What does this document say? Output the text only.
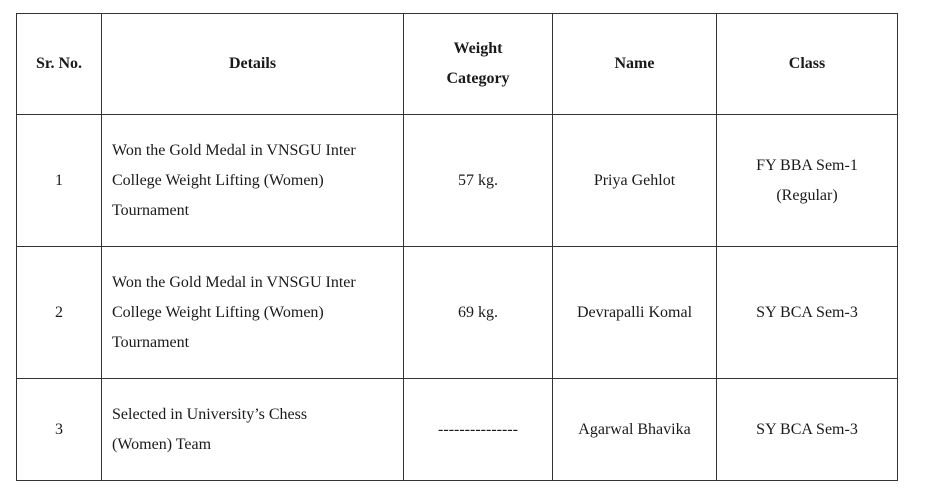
Sr. No.	Details	Weight Category	Name	Class
1	Won the Gold Medal in VNSGU Inter College Weight Lifting (Women) Tournament	57 kg.	Priya Gehlot	FY BBA Sem-1 (Regular)
2	Won the Gold Medal in VNSGU Inter College Weight Lifting (Women) Tournament	69 kg.	Devrapalli Komal	SY BCA Sem-3
3	Selected in University’s Chess (Women) Team	---------------	Agarwal Bhavika	SY BCA Sem-3
